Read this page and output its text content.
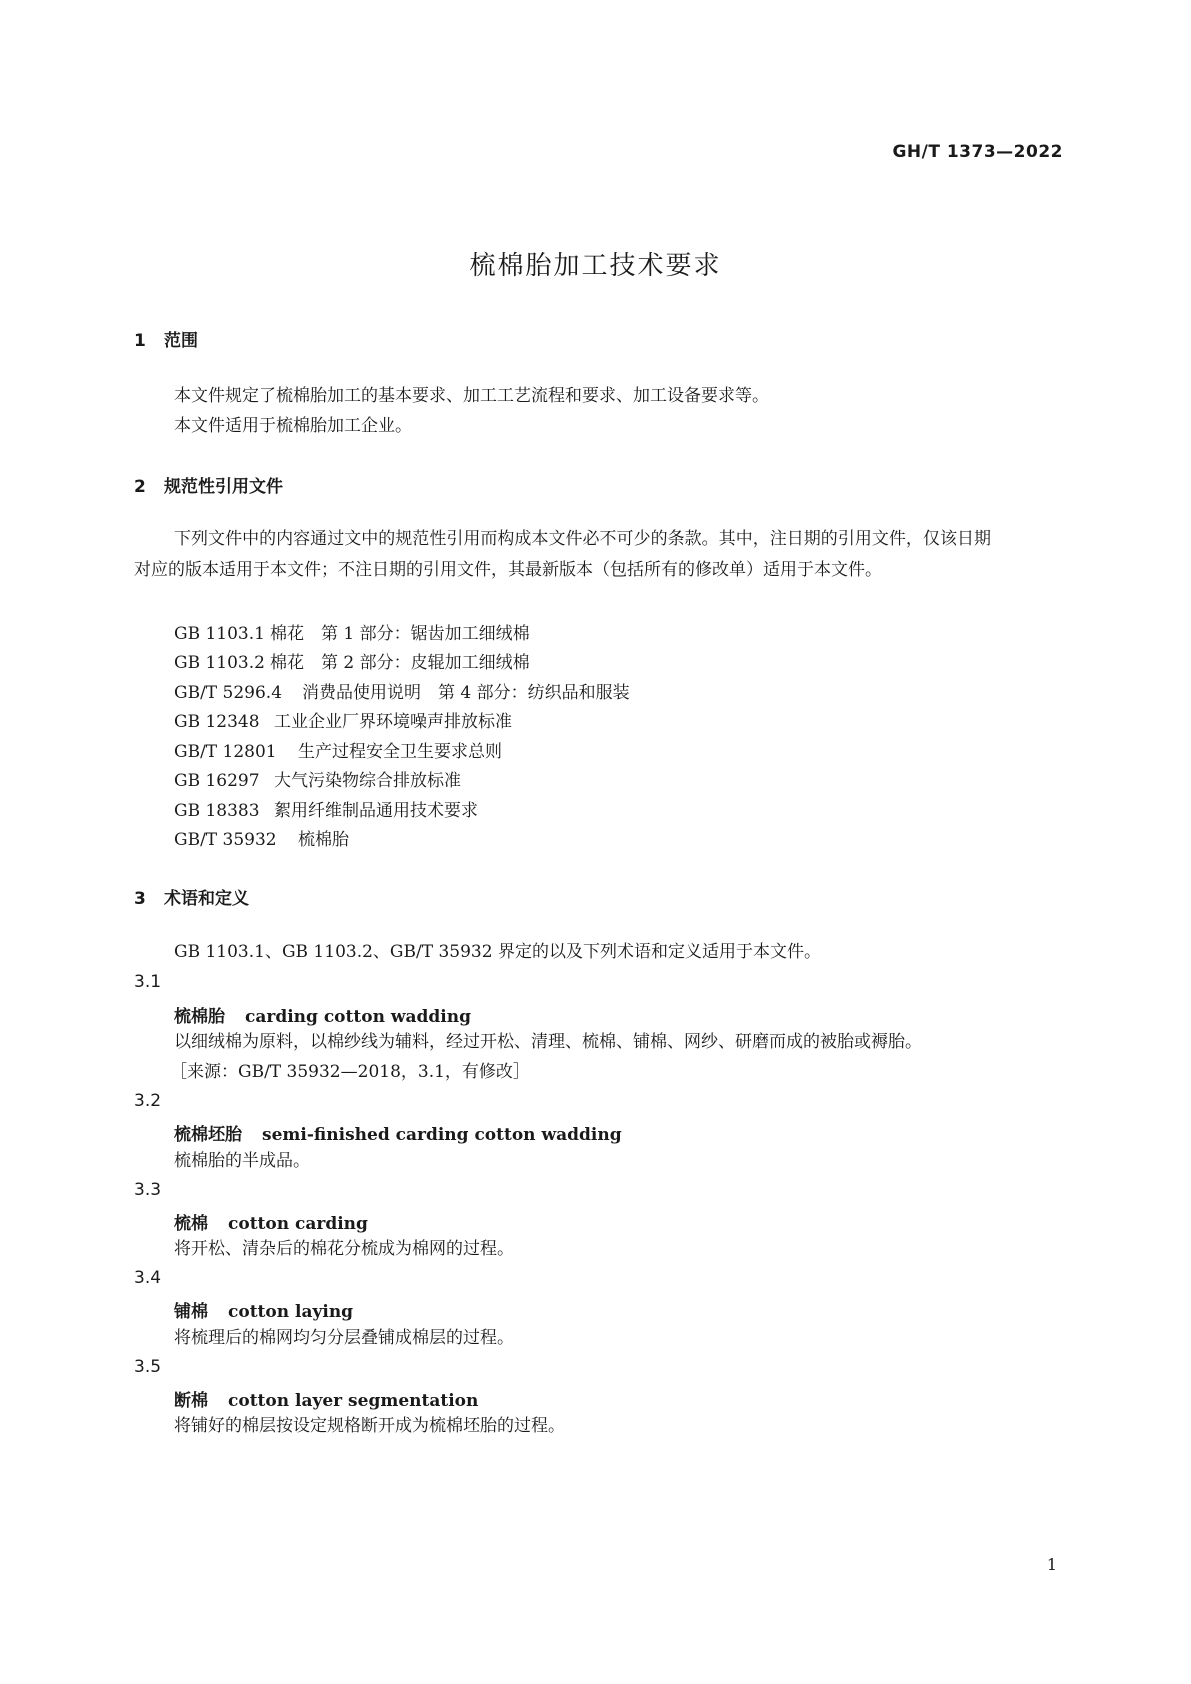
GH/T 1373—2022
梳棉胎加工技术要求
1 范围
本文件规定了梳棉胎加工的基本要求、加工工艺流程和要求、加工设备要求等。
本文件适用于梳棉胎加工企业。
2 规范性引用文件
下列文件中的内容通过文中的规范性引用而构成本文件必不可少的条款。其中，注日期的引用文件，仅该日期对应的版本适用于本文件；不注日期的引用文件，其最新版本（包括所有的修改单）适用于本文件。
GB 1103.1 棉花　第 1 部分：锯齿加工细绒棉
GB 1103.2 棉花　第 2 部分：皮辊加工细绒棉
GB/T 5296.4 消费品使用说明　第 4 部分：纺织品和服装
GB 12348 工业企业厂界环境噪声排放标准
GB/T 12801 生产过程安全卫生要求总则
GB 16297 大气污染物综合排放标准
GB 18383 絮用纤维制品通用技术要求
GB/T 35932 梳棉胎
3 术语和定义
GB 1103.1、GB 1103.2、GB/T 35932 界定的以及下列术语和定义适用于本文件。
3.1
梳棉胎 carding cotton wadding
以细绒棉为原料，以棉纱线为辅料，经过开松、清理、梳棉、铺棉、网纱、研磨而成的被胎或褥胎。
［来源：GB/T 35932—2018，3.1，有修改］
3.2
梳棉坯胎 semi-finished carding cotton wadding
梳棉胎的半成品。
3.3
梳棉 cotton carding
将开松、清杂后的棉花分梳成为棉网的过程。
3.4
铺棉 cotton laying
将梳理后的棉网均匀分层叠铺成棉层的过程。
3.5
断棉 cotton layer segmentation
将铺好的棉层按设定规格断开成为梳棉坯胎的过程。
1
